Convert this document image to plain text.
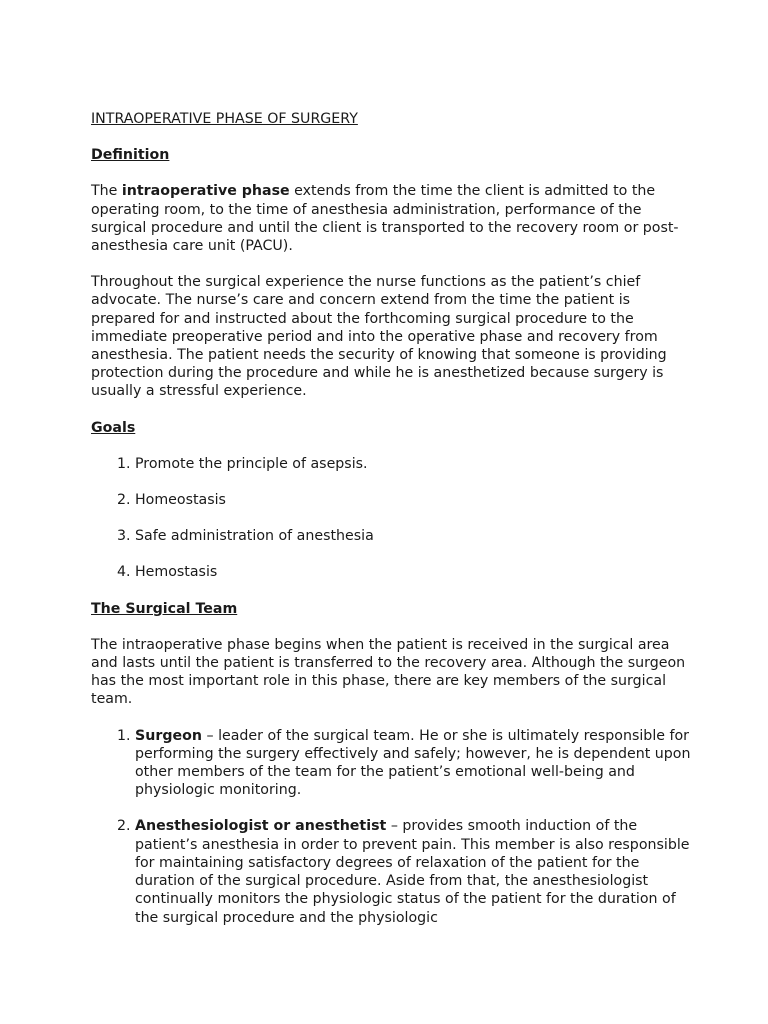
INTRAOPERATIVE PHASE OF SURGERY
Definition

The intraoperative phase extends from the time the client is admitted to the operating room, to the time of anesthesia administration, performance of the surgical procedure and until the client is transported to the recovery room or post-anesthesia care unit (PACU).

Throughout the surgical experience the nurse functions as the patient’s chief advocate. The nurse’s care and concern extend from the time the patient is prepared for and instructed about the forthcoming surgical procedure to the immediate preoperative period and into the operative phase and recovery from anesthesia. The patient needs the security of knowing that someone is providing protection during the procedure and while he is anesthetized because surgery is usually a stressful experience.

Goals
1. Promote the principle of asepsis.
2. Homeostasis
3. Safe administration of anesthesia
4. Hemostasis
The Surgical Team

The intraoperative phase begins when the patient is received in the surgical area and lasts until the patient is transferred to the recovery area. Although the surgeon has the most important role in this phase, there are key members of the surgical team.

1. Surgeon – leader of the surgical team. He or she is ultimately responsible for performing the surgery effectively and safely; however, he is dependent upon other members of the team for the patient’s emotional well-being and physiologic monitoring.
2. Anesthesiologist or anesthetist – provides smooth induction of the patient’s anesthesia in order to prevent pain. This member is also responsible for maintaining satisfactory degrees of relaxation of the patient for the duration of the surgical procedure. Aside from that, the anesthesiologist continually monitors the physiologic status of the patient for the duration of the surgical procedure and the physiologic
